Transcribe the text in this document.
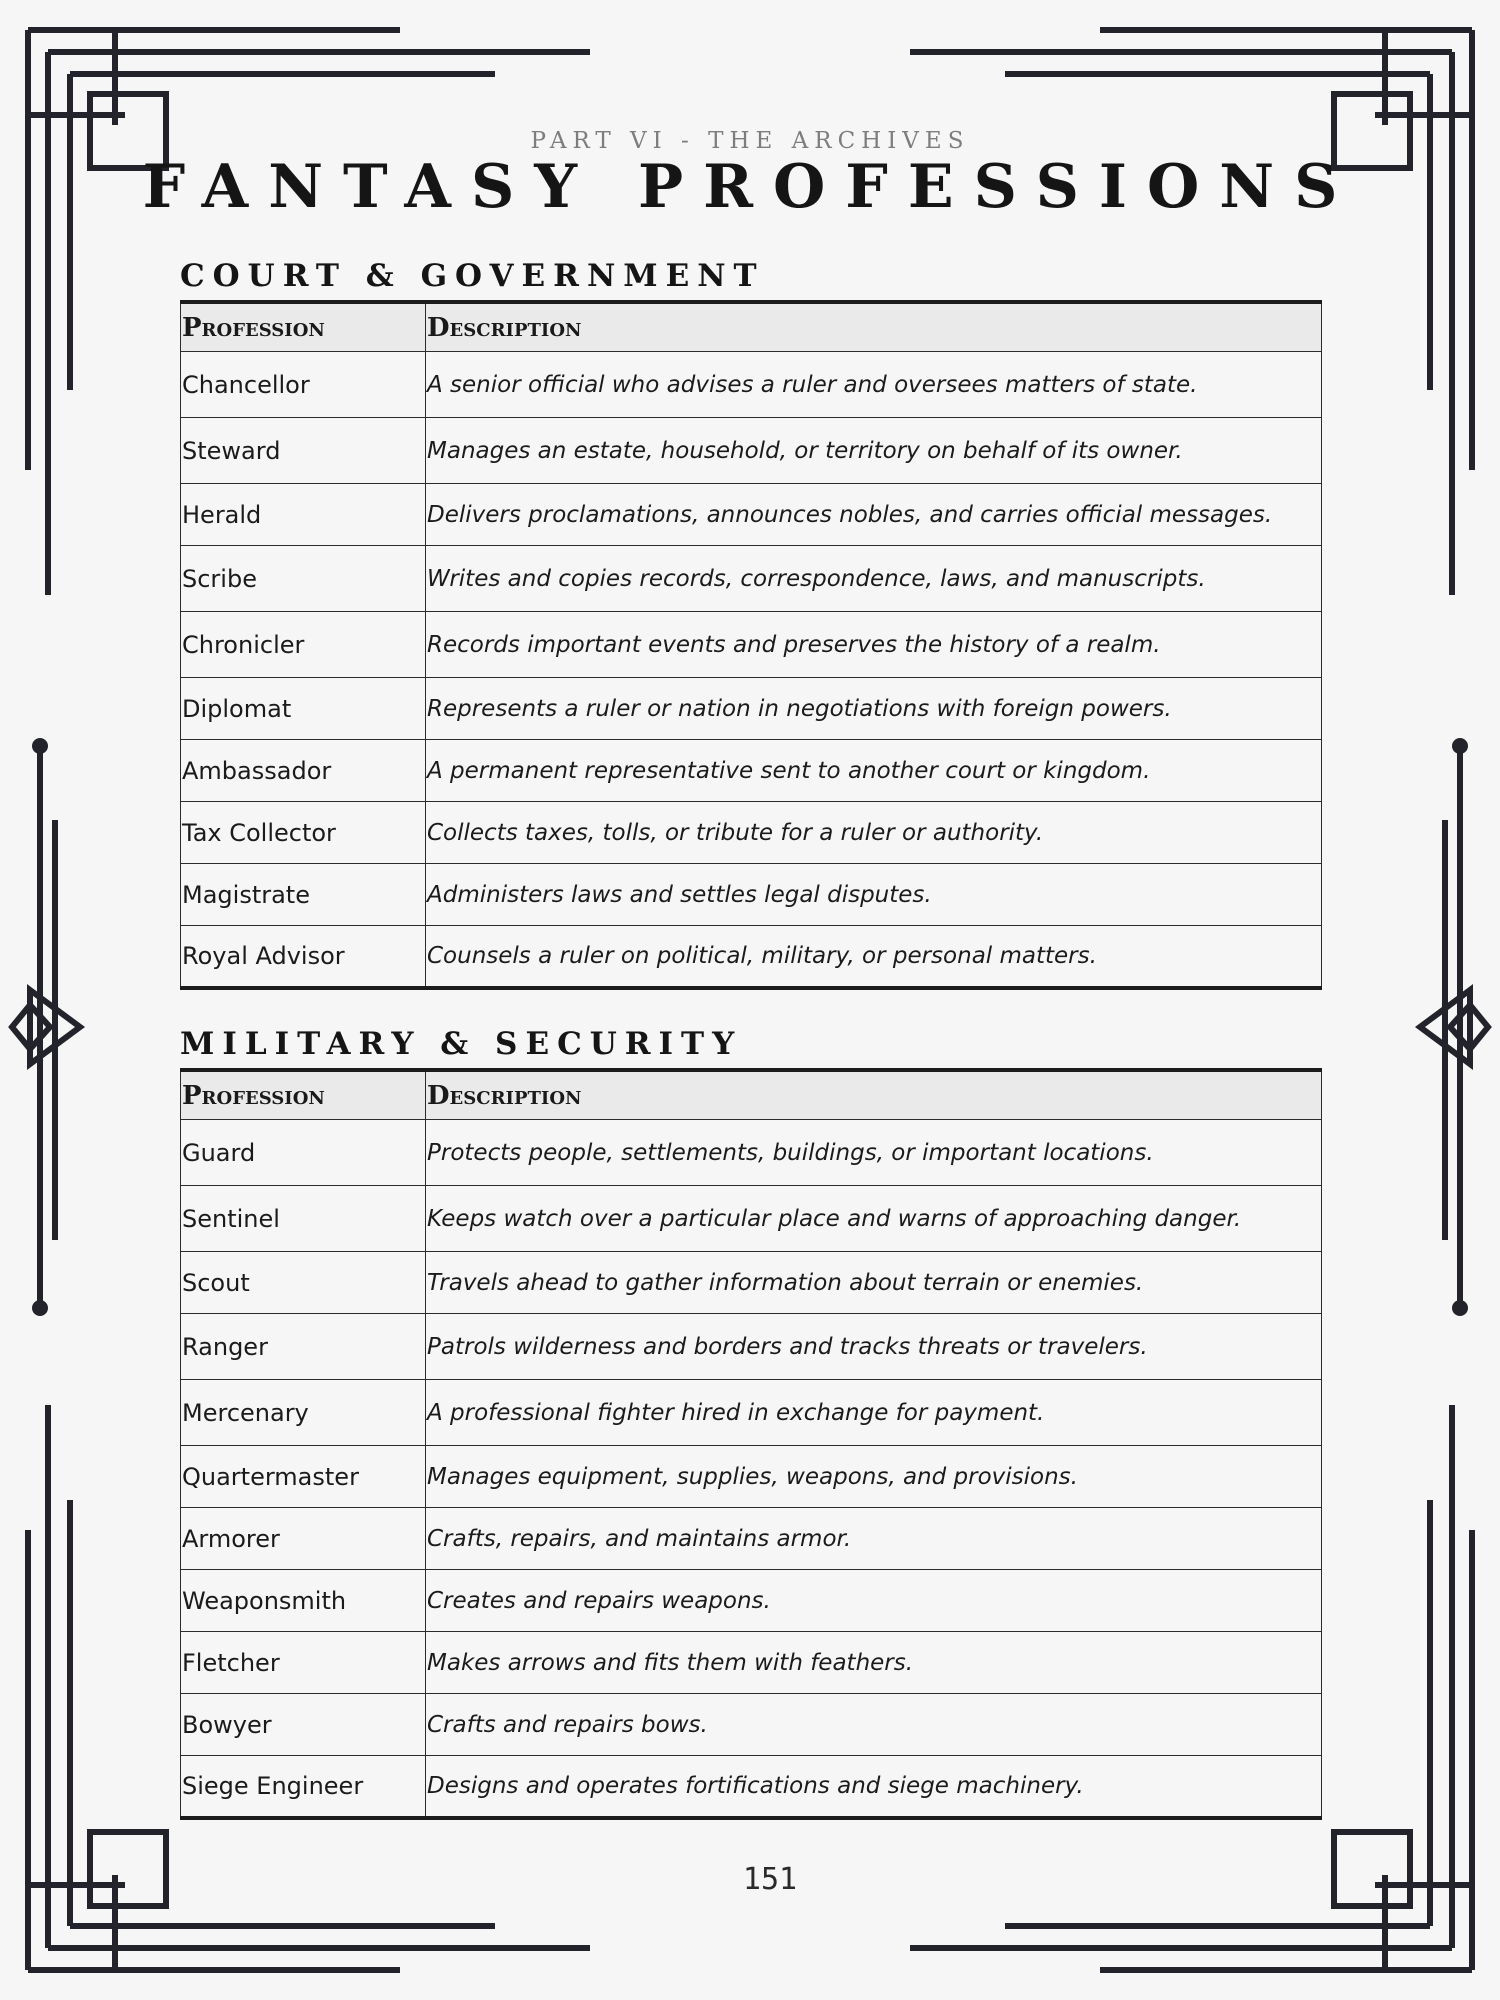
PART VI - THE ARCHIVES

FANTASY PROFESSIONS
COURT & GOVERNMENT
Profession	Description
Chancellor	A senior official who advises a ruler and oversees matters of state.
Steward	Manages an estate, household, or territory on behalf of its owner.
Herald	Delivers proclamations, announces nobles, and carries official messages.
Scribe	Writes and copies records, correspondence, laws, and manuscripts.
Chronicler	Records important events and preserves the history of a realm.
Diplomat	Represents a ruler or nation in negotiations with foreign powers.
Ambassador	A permanent representative sent to another court or kingdom.
Tax Collector	Collects taxes, tolls, or tribute for a ruler or authority.
Magistrate	Administers laws and settles legal disputes.
Royal Advisor	Counsels a ruler on political, military, or personal matters.
MILITARY & SECURITY
Profession	Description
Guard	Protects people, settlements, buildings, or important locations.
Sentinel	Keeps watch over a particular place and warns of approaching danger.
Scout	Travels ahead to gather information about terrain or enemies.
Ranger	Patrols wilderness and borders and tracks threats or travelers.
Mercenary	A professional fighter hired in exchange for payment.
Quartermaster	Manages equipment, supplies, weapons, and provisions.
Armorer	Crafts, repairs, and maintains armor.
Weaponsmith	Creates and repairs weapons.
Fletcher	Makes arrows and fits them with feathers.
Bowyer	Crafts and repairs bows.
Siege Engineer	Designs and operates fortifications and siege machinery.

151
